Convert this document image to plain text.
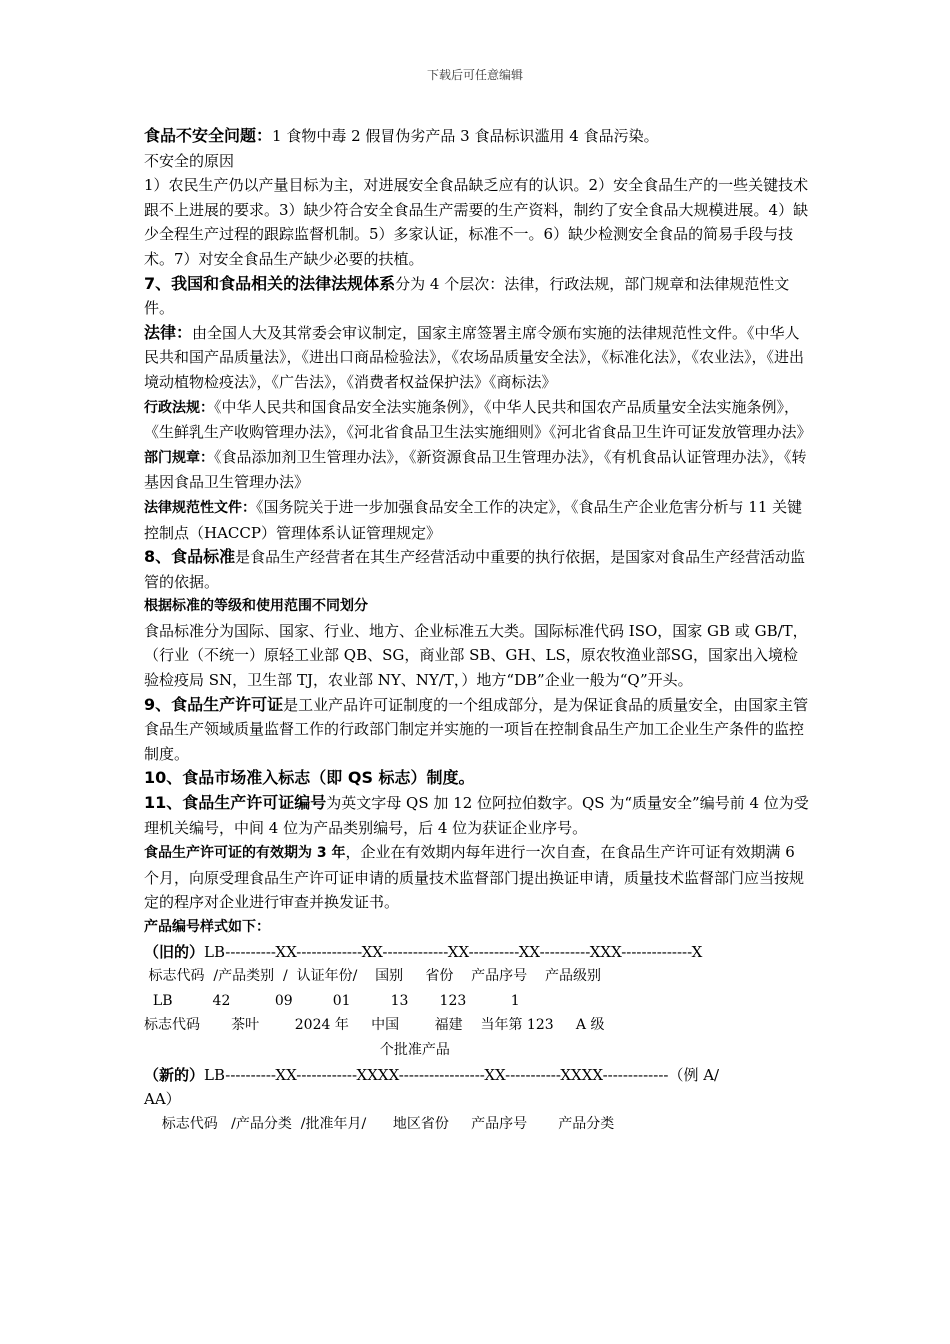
下载后可任意编辑

食品不安全问题：1 食物中毒 2 假冒伪劣产品 3 食品标识滥用 4 食品污染。

不安全的原因

1）农民生产仍以产量目标为主，对进展安全食品缺乏应有的认识。2）安全食品生产的一些关键技术跟不上进展的要求。3）缺少符合安全食品生产需要的生产资料，制约了安全食品大规模进展。4）缺少全程生产过程的跟踪监督机制。5）多家认证，标准不一。6）缺少检测安全食品的简易手段与技术。7）对安全食品生产缺少必要的扶植。

7、我国和食品相关的法律法规体系分为 4 个层次：法律，行政法规，部门规章和法律规范性文件。

法律：由全国人大及其常委会审议制定，国家主席签署主席令颁布实施的法律规范性文件。《中华人民共和国产品质量法》，《进出口商品检验法》，《农场品质量安全法》，《标准化法》，《农业法》，《进出境动植物检疫法》，《广告法》，《消费者权益保护法》《商标法》

行政法规：《中华人民共和国食品安全法实施条例》，《中华人民共和国农产品质量安全法实施条例》，《生鲜乳生产收购管理办法》，《河北省食品卫生法实施细则》《河北省食品卫生许可证发放管理办法》

部门规章：《食品添加剂卫生管理办法》，《新资源食品卫生管理办法》，《有机食品认证管理办法》，《转基因食品卫生管理办法》

法律规范性文件：《国务院关于进一步加强食品安全工作的决定》，《食品生产企业危害分析与 11 关键控制点（HACCP）管理体系认证管理规定》

8、食品标准是食品生产经营者在其生产经营活动中重要的执行依据，是国家对食品生产经营活动监管的依据。

根据标准的等级和使用范围不同划分

食品标准分为国际、国家、行业、地方、企业标准五大类。国际标准代码 ISO，国家 GB 或 GB/T，（行业（不统一）原轻工业部 QB、SG，商业部 SB、GH、LS，原农牧渔业部SG，国家出入境检验检疫局 SN，卫生部 TJ，农业部 NY、NY/T，）地方“DB”企业一般为“Q”开头。

9、食品生产许可证是工业产品许可证制度的一个组成部分，是为保证食品的质量安全，由国家主管食品生产领域质量监督工作的行政部门制定并实施的一项旨在控制食品生产加工企业生产条件的监控制度。

10、食品市场准入标志（即 QS 标志）制度。

11、食品生产许可证编号为英文字母 QS 加 12 位阿拉伯数字。QS 为“质量安全”编号前 4 位为受理机关编号，中间 4 位为产品类别编号，后 4 位为获证企业序号。

食品生产许可证的有效期为 3 年，企业在有效期内每年进行一次自查，在食品生产许可证有效期满 6 个月，向原受理食品生产许可证申请的质量技术监督部门提出换证申请，质量技术监督部门应当按规定的程序对企业进行审查并换发证书。

产品编号样式如下：

（旧的）LB----------XX-------------XX-------------XX----------XX----------XXX--------------X

标志代码  /产品类别  /  认证年份/    国别     省份    产品序号    产品级别

LB         42          09         01         13       123          1

标志代码       茶叶        2024 年     中国        福建    当年第 123     A 级

个批准产品

（新的）LB----------XX------------XXXX-----------------XX-----------XXXX-------------（例 A/

AA）

标志代码   /产品分类  /批准年月/      地区省份     产品序号       产品分类
